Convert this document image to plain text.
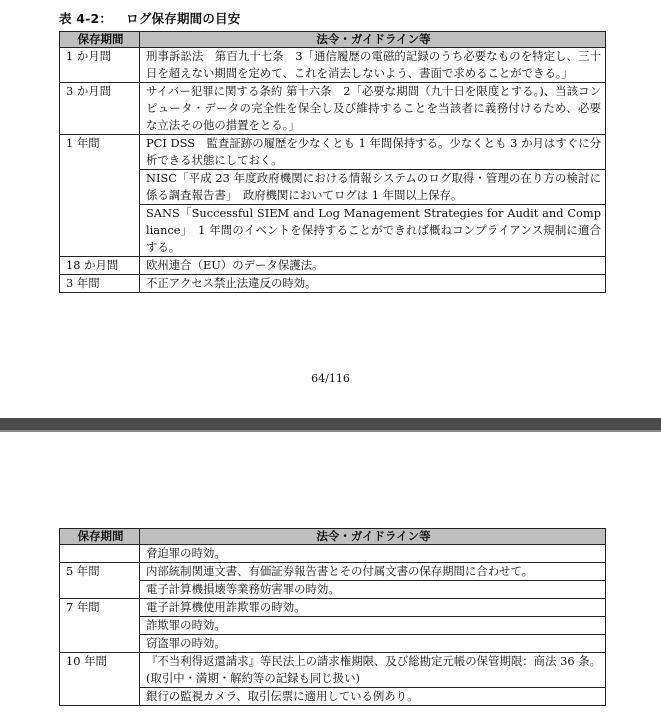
表 4-2： ログ保存期間の目安
保存期間	法令・ガイドライン等
1 か月間	刑事訴訟法　第百九十七条　3「通信履歴の電磁的記録のうち必要なものを特定し、三十日を超えない期間を定めて、これを消去しないよう、書面で求めることができる。」
3 か月間	サイバー犯罪に関する条約 第十六条　2「必要な期間（九十日を限度とする。)、当該コンピュータ・データの完全性を保全し及び維持することを当該者に義務付けるため、必要な立法その他の措置をとる。」
1 年間	PCI DSS　監査証跡の履歴を少なくとも 1 年間保持する。少なくとも 3 か月はすぐに分析できる状態にしておく。
	NISC「平成 23 年度政府機関における情報システムのログ取得・管理の在り方の検討に係る調査報告書」　政府機関においてログは 1 年間以上保存。
	SANS「Successful SIEM and Log Management Strategies for Audit and Compliance」　1 年間のイベントを保持することができれば概ねコンプライアンス規制に適合する。
18 か月間	欧州連合（EU）のデータ保護法。
3 年間	不正アクセス禁止法違反の時効。
64/116
保存期間	法令・ガイドライン等
	脅迫罪の時効。
5 年間	内部統制関連文書、有価証券報告書とその付属文書の保存期間に合わせて。
	電子計算機損壊等業務妨害罪の時効。
7 年間	電子計算機使用詐欺罪の時効。
	詐欺罪の時効。
	窃盗罪の時効。
10 年間	『不当利得返還請求』等民法上の請求権期限、及び総勘定元帳の保管期限：商法 36 条。(取引中・満期・解約等の記録も同じ扱い)
	銀行の監視カメラ、取引伝票に適用している例あり。
